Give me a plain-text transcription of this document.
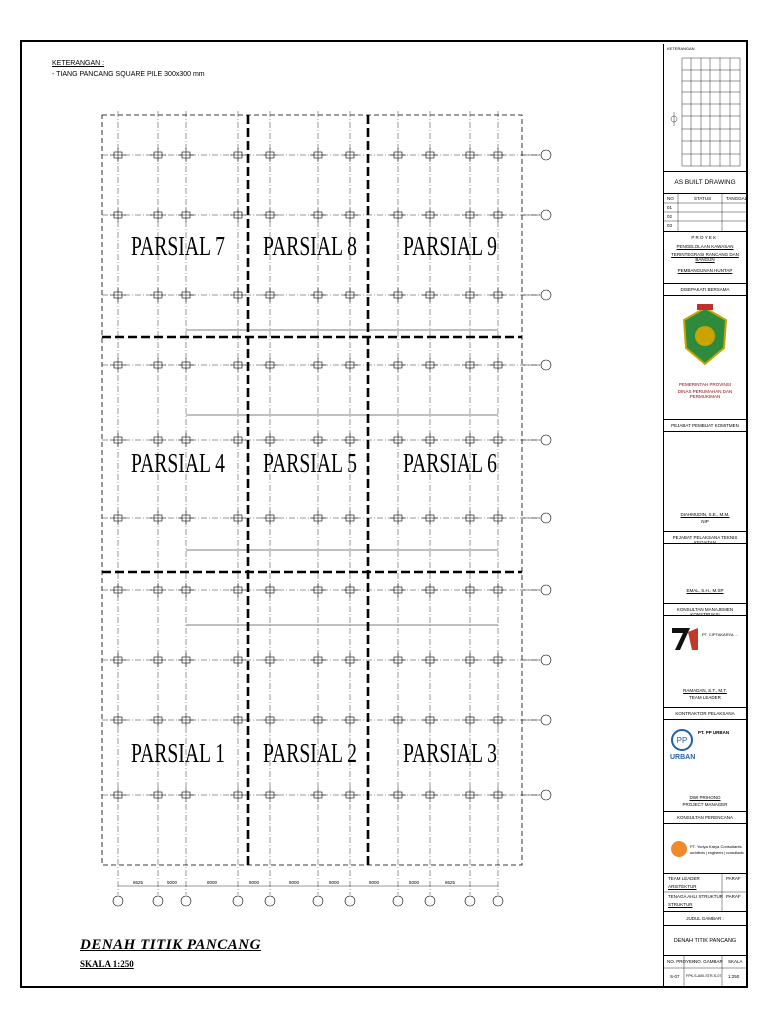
KETERANGAN :
- TIANG PANCANG SQUARE PILE 300x300 mm
PARSIAL 7 PARSIAL 8 PARSIAL 9
PARSIAL 4 PARSIAL 5 PARSIAL 6
PARSIAL 1 PARSIAL 2 PARSIAL 3
8625	5000	8000	8000	8000	8000	8000	5000	8625
DENAH TITIK PANCANG
SKALA 1:250
KETERANGAN
AS BUILT DRAWING
NO	STATUS	TANGGAL
01
02
03
P R O Y E K :
PENGELOLAAN KAWASAN
TERINTEGRASI RANCANG DAN BANGUN
PEMBANGUNAN HUNTAP
DISEPAKATI BERSAMA
PEMERINTAH PROVINSI
DINAS PERUMAHAN DAN PERMUKIMAN
PEJABAT PEMBUAT KOMITMEN
DIAHMUDIN, S.E., M.M.
NIP
PEJABAT PELAKSANA TEKNIS KEGIATAN
EMAL, S.H., M.SP
KONSULTAN MANAJEMEN KONSTRUKSI
PT. CIPTAKARYA ...
RAMADAN, S.T., M.T.
TEAM LEADER
KONTRAKTOR PELAKSANA
PP
URBAN
PT. PP URBAN
DWI PRIHONO
PROJECT MANAGER
KONSULTAN PERENCANA
PT. Yodya Karya Consultants
architects | engineers | consultants
TEAM LEADER	PARAF
ARSITEKTUR
TENAGA AHLI STRUKTUR PARAF
STRUKTUR
JUDUL GAMBAR :
DENAH TITIK PANCANG
NO. PROYEK
NO. GAMBAR SKALA
S-07 FPK-S-A00-STR-S-07 1:250
